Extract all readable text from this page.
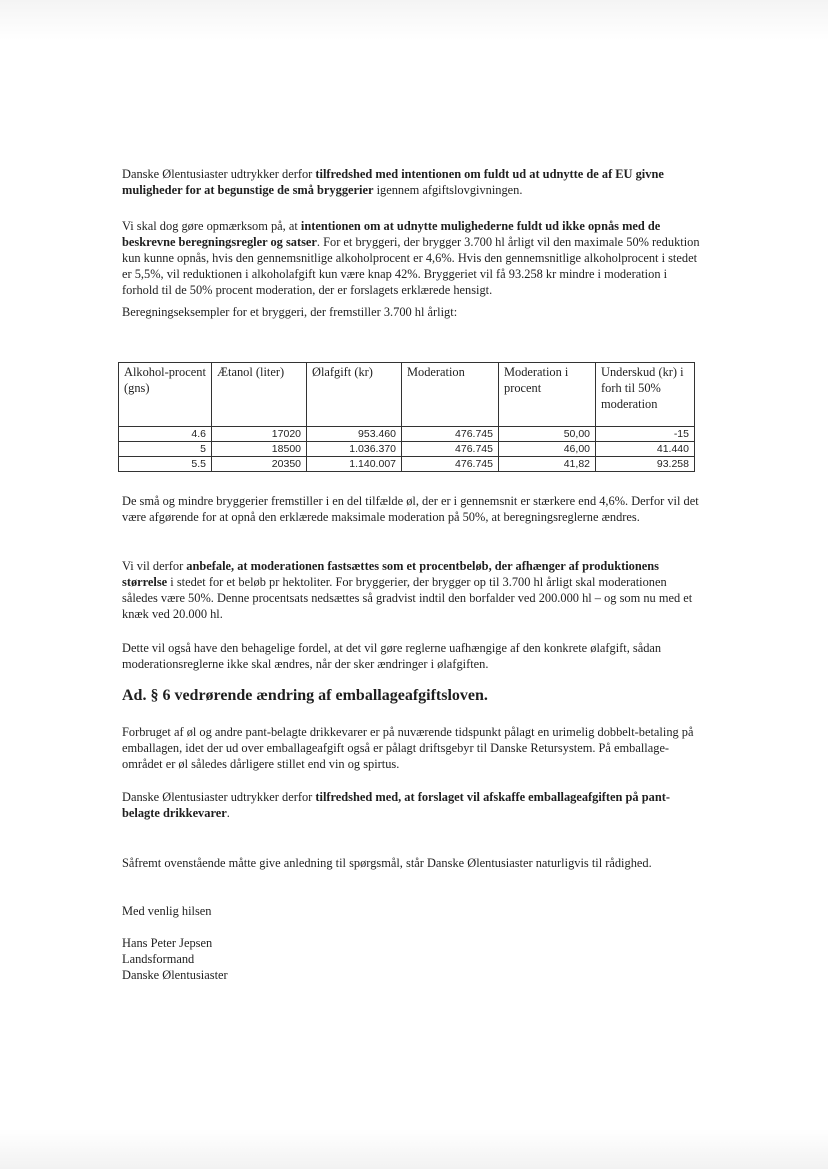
Danske Ølentusiaster udtrykker derfor tilfredshed med intentionen om fuldt ud at udnytte de af EU givne muligheder for at begunstige de små bryggerier igennem afgiftslovgivningen.

Vi skal dog gøre opmærksom på, at intentionen om at udnytte mulighederne fuldt ud ikke opnås med de beskrevne beregningsregler og satser. For et bryggeri, der brygger 3.700 hl årligt vil den maximale 50% reduktion kun kunne opnås, hvis den gennemsnitlige alkoholprocent er 4,6%. Hvis den gennemsnitlige alkoholprocent i stedet er 5,5%, vil reduktionen i alkoholafgift kun være knap 42%. Bryggeriet vil få 93.258 kr mindre i moderation i forhold til de 50% procent moderation, der er forslagets erklærede hensigt.

Beregningseksempler for et bryggeri, der fremstiller 3.700 hl årligt:

Alkohol-procent (gns)	Ætanol (liter)	Ølafgift (kr)	Moderation	Moderation i procent	Underskud (kr) i forh til 50% moderation
4.6	17020	953.460	476.745	50,00	-15
5	18500	1.036.370	476.745	46,00	41.440
5.5	20350	1.140.007	476.745	41,82	93.258

De små og mindre bryggerier fremstiller i en del tilfælde øl, der er i gennemsnit er stærkere end 4,6%. Derfor vil det være afgørende for at opnå den erklærede maksimale moderation på 50%, at beregningsreglerne ændres.

Vi vil derfor anbefale, at moderationen fastsættes som et procentbeløb, der afhænger af produktionens størrelse i stedet for et beløb pr hektoliter. For bryggerier, der brygger op til 3.700 hl årligt skal moderationen således være 50%. Denne procentsats nedsættes så gradvist indtil den borfalder ved 200.000 hl – og som nu med et knæk ved 20.000 hl.

Dette vil også have den behagelige fordel, at det vil gøre reglerne uafhængige af den konkrete ølafgift, sådan moderationsreglerne ikke skal ændres, når der sker ændringer i ølafgiften.

Ad. § 6 vedrørende ændring af emballageafgiftsloven.

Forbruget af øl og andre pant-belagte drikkevarer er på nuværende tidspunkt pålagt en urimelig dobbelt-betaling på emballagen, idet der ud over emballageafgift også er pålagt driftsgebyr til Danske Retursystem. På emballage-området er øl således dårligere stillet end vin og spirtus.

Danske Ølentusiaster udtrykker derfor tilfredshed med, at forslaget vil afskaffe emballageafgiften på pant-belagte drikkevarer.

Såfremt ovenstående måtte give anledning til spørgsmål, står Danske Ølentusiaster naturligvis til rådighed.

Med venlig hilsen

Hans Peter Jepsen
Landsformand
Danske Ølentusiaster
